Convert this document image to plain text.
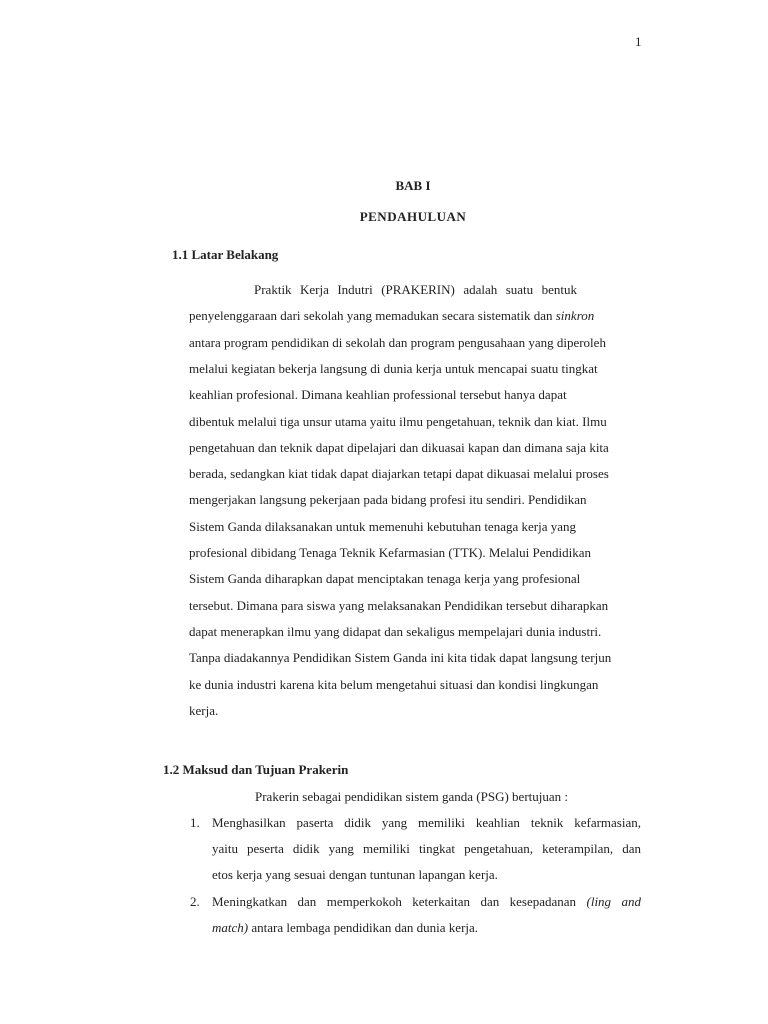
1
BAB I
PENDAHULUAN
1.1 Latar Belakang
Praktik Kerja Indutri (PRAKERIN) adalah suatu bentuk
penyelenggaraan dari sekolah yang memadukan secara sistematik dan sinkron
antara program pendidikan di sekolah dan program pengusahaan yang diperoleh
melalui kegiatan bekerja langsung di dunia kerja untuk mencapai suatu tingkat
keahlian profesional. Dimana keahlian professional tersebut hanya dapat
dibentuk melalui tiga unsur utama yaitu ilmu pengetahuan, teknik dan kiat. Ilmu
pengetahuan dan teknik dapat dipelajari dan dikuasai kapan dan dimana saja kita
berada, sedangkan kiat tidak dapat diajarkan tetapi dapat dikuasai melalui proses
mengerjakan langsung pekerjaan pada bidang profesi itu sendiri. Pendidikan
Sistem Ganda dilaksanakan untuk memenuhi kebutuhan tenaga kerja yang
profesional dibidang Tenaga Teknik Kefarmasian (TTK). Melalui Pendidikan
Sistem Ganda diharapkan dapat menciptakan tenaga kerja yang profesional
tersebut. Dimana para siswa yang melaksanakan Pendidikan tersebut diharapkan
dapat menerapkan ilmu yang didapat dan sekaligus mempelajari dunia industri.
Tanpa diadakannya Pendidikan Sistem Ganda ini kita tidak dapat langsung terjun
ke dunia industri karena kita belum mengetahui situasi dan kondisi lingkungan
kerja.
1.2 Maksud dan Tujuan Prakerin
Prakerin sebagai pendidikan sistem ganda (PSG) bertujuan :
1. Menghasilkan paserta didik yang memiliki keahlian teknik kefarmasian,
yaitu peserta didik yang memiliki tingkat pengetahuan, keterampilan, dan
etos kerja yang sesuai dengan tuntunan lapangan kerja.
2. Meningkatkan dan memperkokoh keterkaitan dan kesepadanan (ling and
match) antara lembaga pendidikan dan dunia kerja.
